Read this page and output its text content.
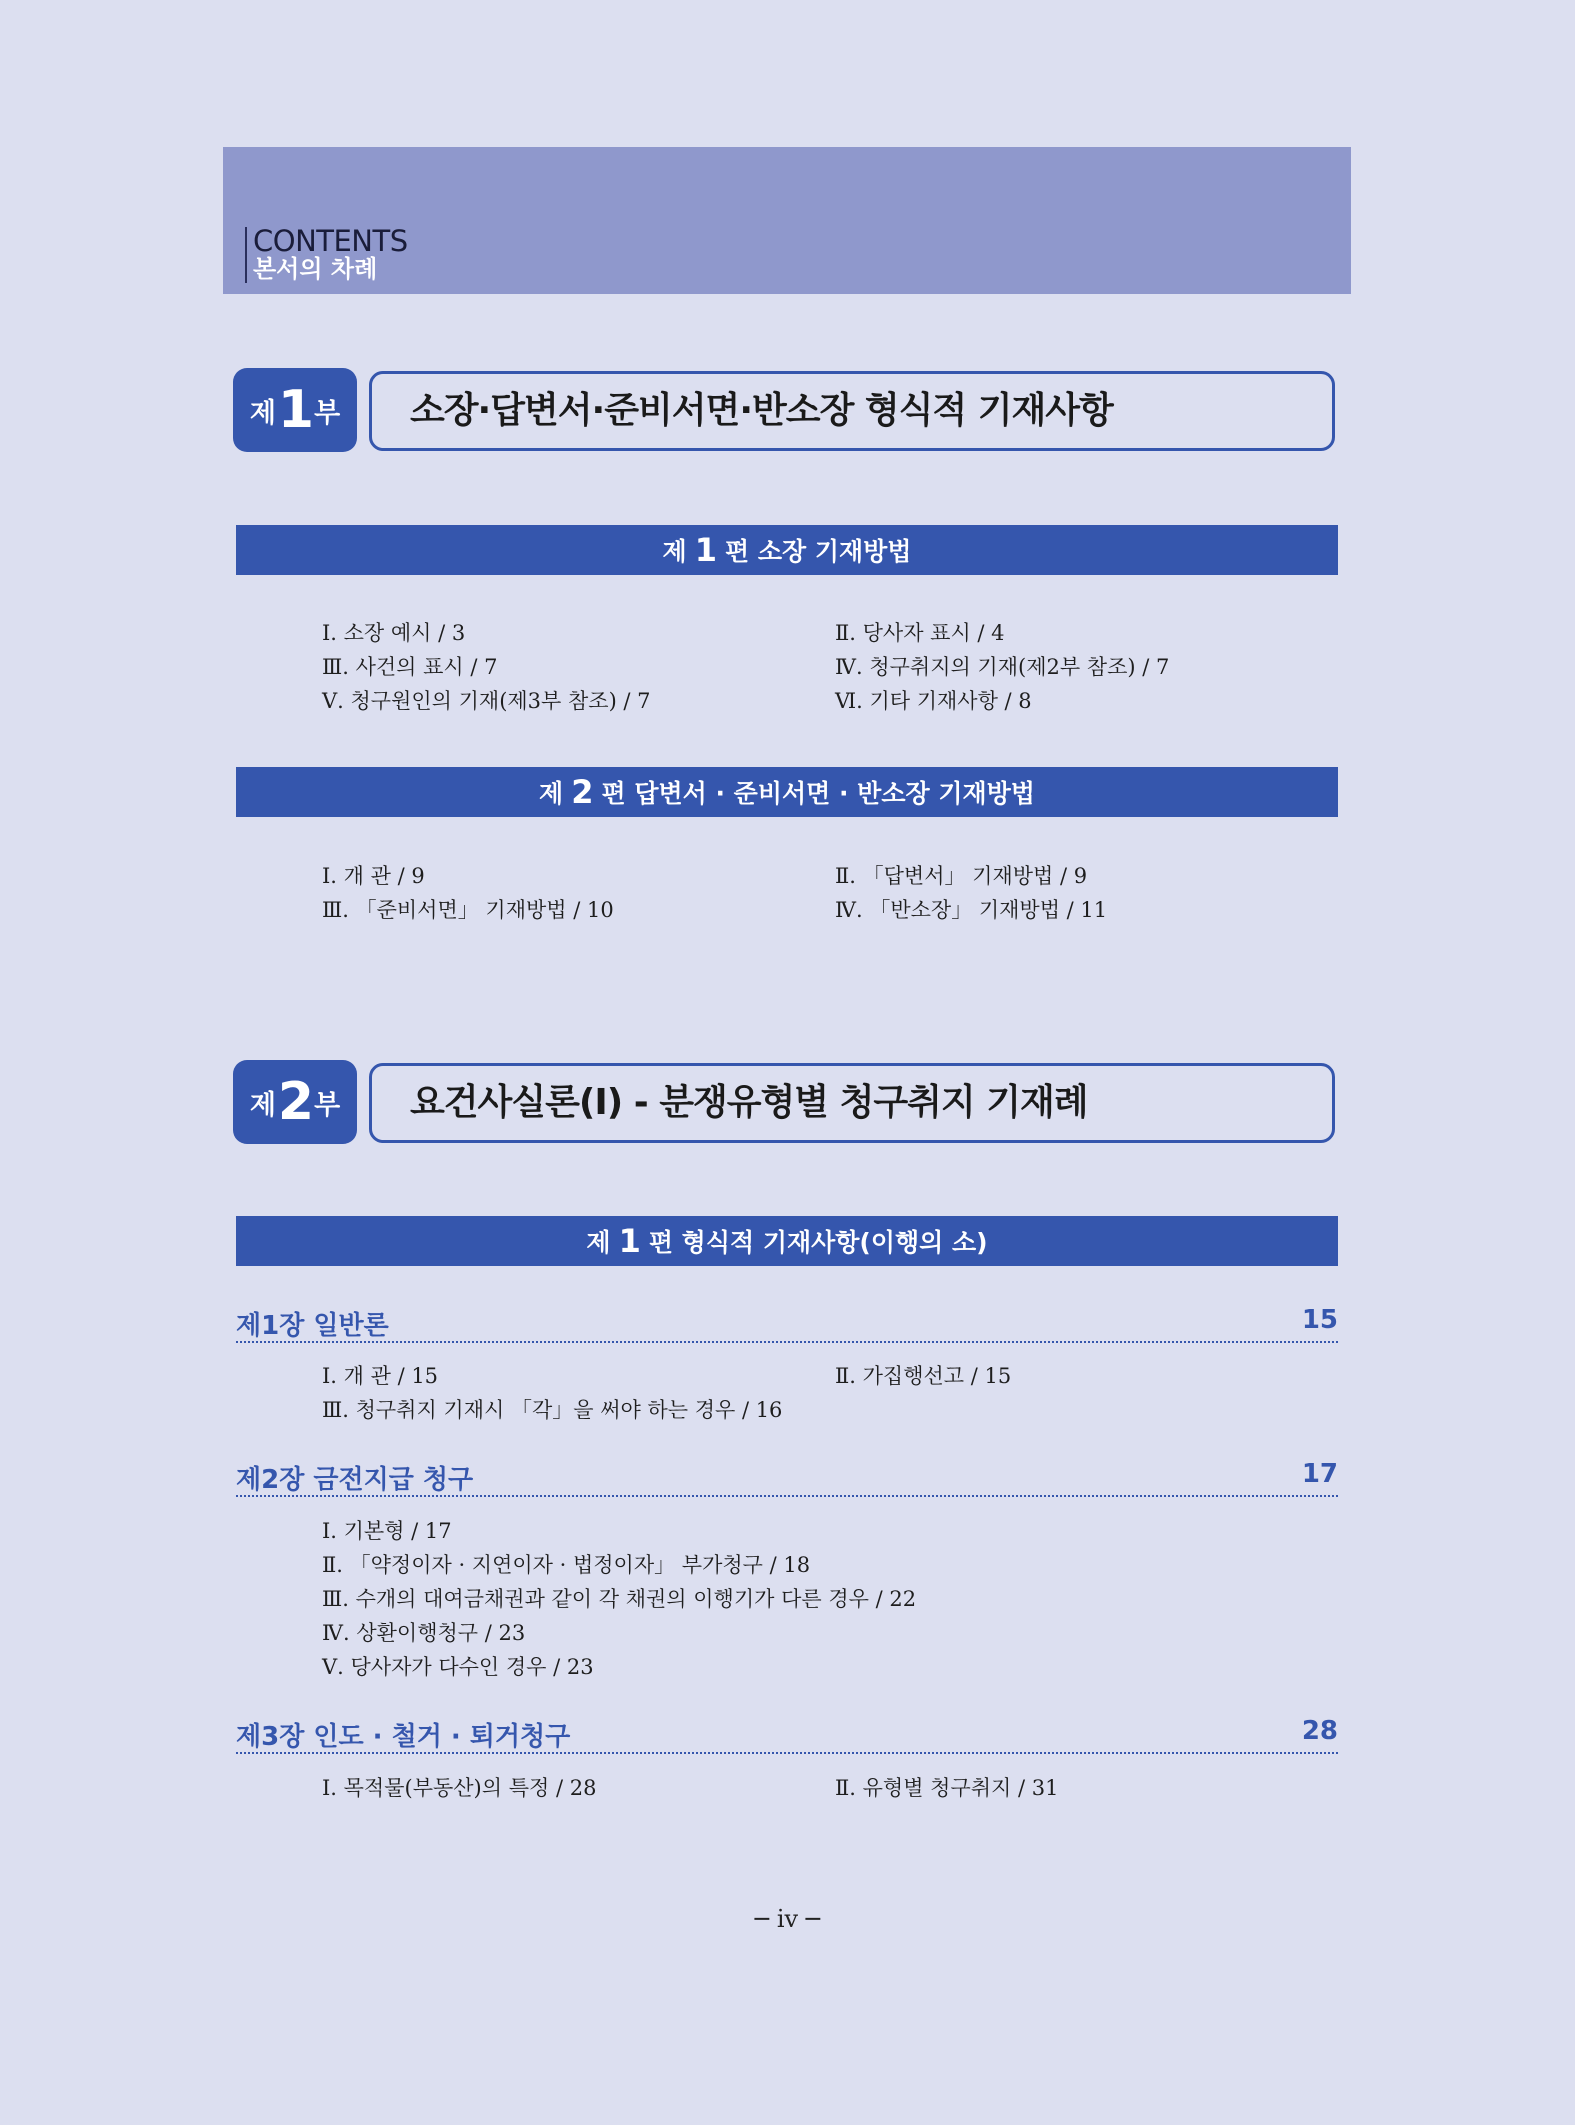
CONTENTS
본서의 차례
제 1 부 소장·답변서·준비서면·반소장 형식적 기재사항
제 1 편 소장 기재방법
Ⅰ. 소장 예시 / 3	Ⅱ. 당사자 표시 / 4
Ⅲ. 사건의 표시 / 7	Ⅳ. 청구취지의 기재(제2부 참조) / 7
Ⅴ. 청구원인의 기재(제3부 참조) / 7	Ⅵ. 기타 기재사항 / 8
제 2 편 답변서 · 준비서면 · 반소장 기재방법
Ⅰ. 개 관 / 9	Ⅱ. 「답변서」 기재방법 / 9
Ⅲ. 「준비서면」 기재방법 / 10	Ⅳ. 「반소장」 기재방법 / 11
제 2 부 요건사실론(Ⅰ) - 분쟁유형별 청구취지 기재례
제 1 편 형식적 기재사항(이행의 소)
제1장 일반론	15
Ⅰ. 개 관 / 15	Ⅱ. 가집행선고 / 15
Ⅲ. 청구취지 기재시 「각」을 써야 하는 경우 / 16
제2장 금전지급 청구	17
Ⅰ. 기본형 / 17
Ⅱ. 「약정이자 · 지연이자 · 법정이자」 부가청구 / 18
Ⅲ. 수개의 대여금채권과 같이 각 채권의 이행기가 다른 경우 / 22
Ⅳ. 상환이행청구 / 23
Ⅴ. 당사자가 다수인 경우 / 23
제3장 인도 · 철거 · 퇴거청구	28
Ⅰ. 목적물(부동산)의 특정 / 28	Ⅱ. 유형별 청구취지 / 31
─ iv ─
